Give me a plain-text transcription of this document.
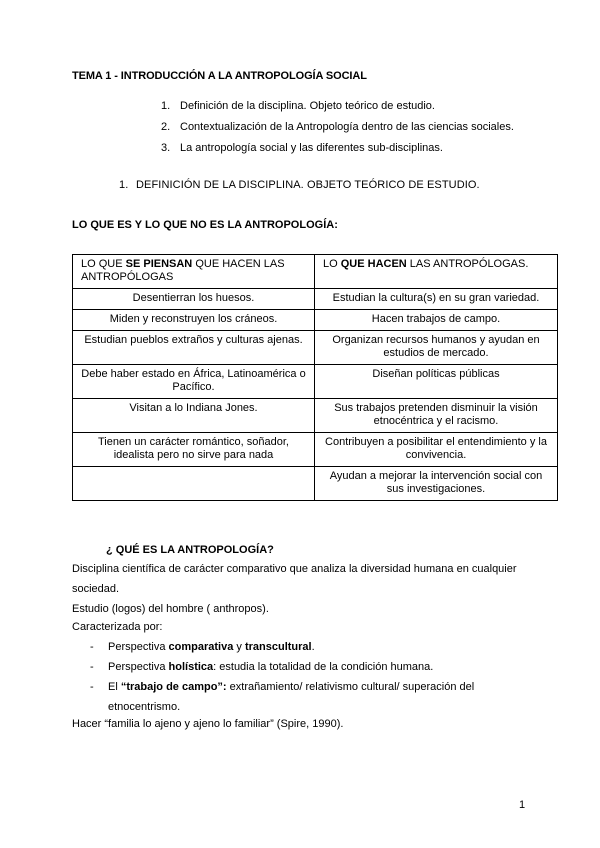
TEMA 1 - INTRODUCCIÓN A LA ANTROPOLOGÍA SOCIAL
1. Definición de la disciplina. Objeto teórico de estudio.
2. Contextualización de la Antropología dentro de las ciencias sociales.
3. La antropología social y las diferentes sub-disciplinas.
1. DEFINICIÓN DE LA DISCIPLINA. OBJETO TEÓRICO DE ESTUDIO.
LO QUE ES Y LO QUE NO ES LA ANTROPOLOGÍA:
LO QUE SE PIENSAN QUE HACEN LAS ANTROPÓLOGAS	LO QUE HACEN LAS ANTROPÓLOGAS.
Desentierran los huesos.	Estudian la cultura(s) en su gran variedad.
Miden y reconstruyen los cráneos.	Hacen trabajos de campo.
Estudian pueblos extraños y culturas ajenas.	Organizan recursos humanos y ayudan en estudios de mercado.
Debe haber estado en África, Latinoamérica o Pacífico.	Diseñan políticas públicas
Visitan a lo Indiana Jones.	Sus trabajos pretenden disminuir la visión etnocéntrica y el racismo.
Tienen un carácter romántico, soñador, idealista pero no sirve para nada	Contribuyen a posibilitar el entendimiento y la convivencia.
	Ayudan a mejorar la intervención social con sus investigaciones.
¿ QUÉ ES LA ANTROPOLOGÍA?
Disciplina científica de carácter comparativo que analiza la diversidad humana en cualquier sociedad.
Estudio (logos) del hombre ( anthropos).
Caracterizada por:
- Perspectiva comparativa y transcultural.
- Perspectiva holística: estudia la totalidad de la condición humana.
- El “trabajo de campo”: extrañamiento/ relativismo cultural/ superación del etnocentrismo.
Hacer “familia lo ajeno y ajeno lo familiar” (Spire, 1990).
1
